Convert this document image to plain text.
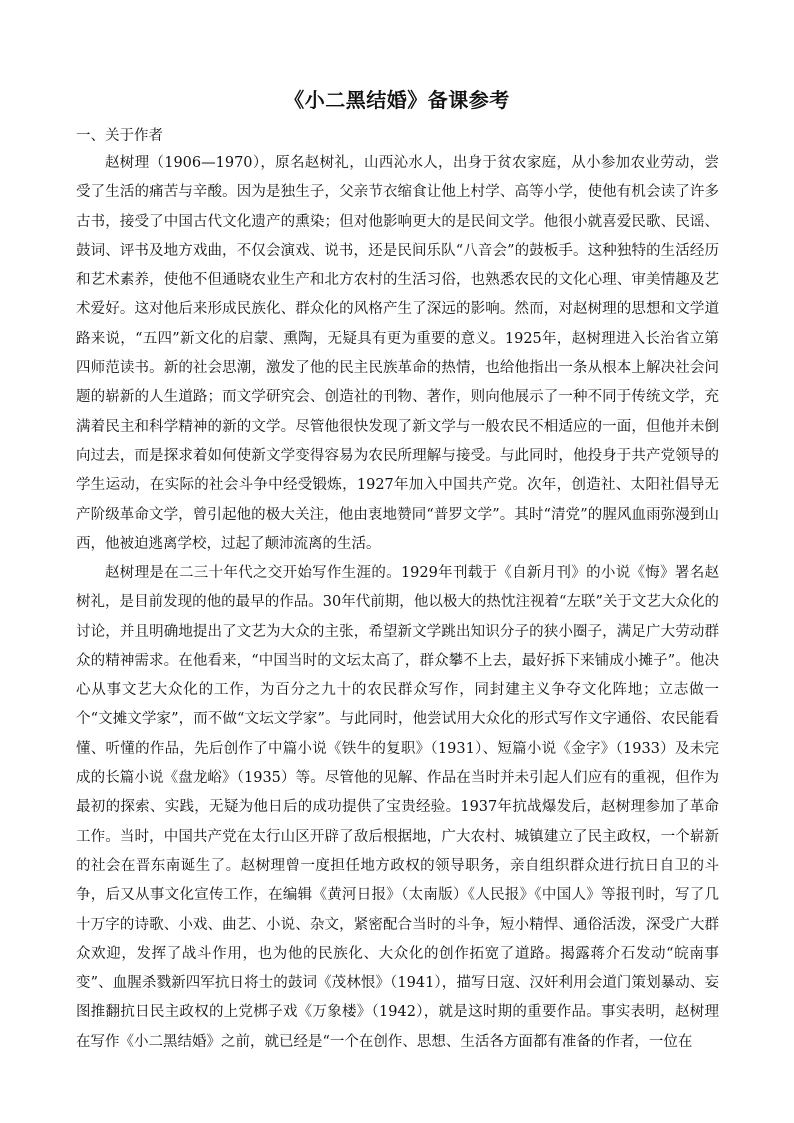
《小二黑结婚》备课参考

一、关于作者

赵树理（1906—1970），原名赵树礼，山西沁水人，出身于贫农家庭，从小参加农业劳动，尝受了生活的痛苦与辛酸。因为是独生子，父亲节衣缩食让他上村学、高等小学，使他有机会读了许多古书，接受了中国古代文化遗产的熏染；但对他影响更大的是民间文学。他很小就喜爱民歌、民谣、鼓词、评书及地方戏曲，不仅会演戏、说书，还是民间乐队“八音会”的鼓板手。这种独特的生活经历和艺术素养，使他不但通晓农业生产和北方农村的生活习俗，也熟悉农民的文化心理、审美情趣及艺术爱好。这对他后来形成民族化、群众化的风格产生了深远的影响。然而，对赵树理的思想和文学道路来说，“五四”新文化的启蒙、熏陶，无疑具有更为重要的意义。1925年，赵树理进入长治省立第四师范读书。新的社会思潮，激发了他的民主民族革命的热情，也给他指出一条从根本上解决社会问题的崭新的人生道路；而文学研究会、创造社的刊物、著作，则向他展示了一种不同于传统文学，充满着民主和科学精神的新的文学。尽管他很快发现了新文学与一般农民不相适应的一面，但他并未倒向过去，而是探求着如何使新文学变得容易为农民所理解与接受。与此同时，他投身于共产党领导的学生运动，在实际的社会斗争中经受锻炼，1927年加入中国共产党。次年，创造社、太阳社倡导无产阶级革命文学，曾引起他的极大关注，他由衷地赞同“普罗文学”。其时“清党”的腥风血雨弥漫到山西，他被迫逃离学校，过起了颠沛流离的生活。

赵树理是在二三十年代之交开始写作生涯的。1929年刊载于《自新月刊》的小说《悔》署名赵树礼，是目前发现的他的最早的作品。30年代前期，他以极大的热忱注视着“左联”关于文艺大众化的讨论，并且明确地提出了文艺为大众的主张，希望新文学跳出知识分子的狭小圈子，满足广大劳动群众的精神需求。在他看来，“中国当时的文坛太高了，群众攀不上去，最好拆下来铺成小摊子”。他决心从事文艺大众化的工作，为百分之九十的农民群众写作，同封建主义争夺文化阵地；立志做一个“文摊文学家”，而不做“文坛文学家”。与此同时，他尝试用大众化的形式写作文字通俗、农民能看懂、听懂的作品，先后创作了中篇小说《铁牛的复职》（1931）、短篇小说《金字》（1933）及未完成的长篇小说《盘龙峪》（1935）等。尽管他的见解、作品在当时并未引起人们应有的重视，但作为最初的探索、实践，无疑为他日后的成功提供了宝贵经验。1937年抗战爆发后，赵树理参加了革命工作。当时，中国共产党在太行山区开辟了敌后根据地，广大农村、城镇建立了民主政权，一个崭新的社会在晋东南诞生了。赵树理曾一度担任地方政权的领导职务，亲自组织群众进行抗日自卫的斗争，后又从事文化宣传工作，在编辑《黄河日报》（太南版）《人民报》《中国人》等报刊时，写了几十万字的诗歌、小戏、曲艺、小说、杂文，紧密配合当时的斗争，短小精悍、通俗活泼，深受广大群众欢迎，发挥了战斗作用，也为他的民族化、大众化的创作拓宽了道路。揭露蒋介石发动“皖南事变”、血腥杀戮新四军抗日将士的鼓词《茂林恨》（1941），描写日寇、汉奸利用会道门策划暴动、妄图推翻抗日民主政权的上党梆子戏《万象楼》（1942），就是这时期的重要作品。事实表明，赵树理在写作《小二黑结婚》之前，就已经是“一个在创作、思想、生活各方面都有准备的作者，一位在
